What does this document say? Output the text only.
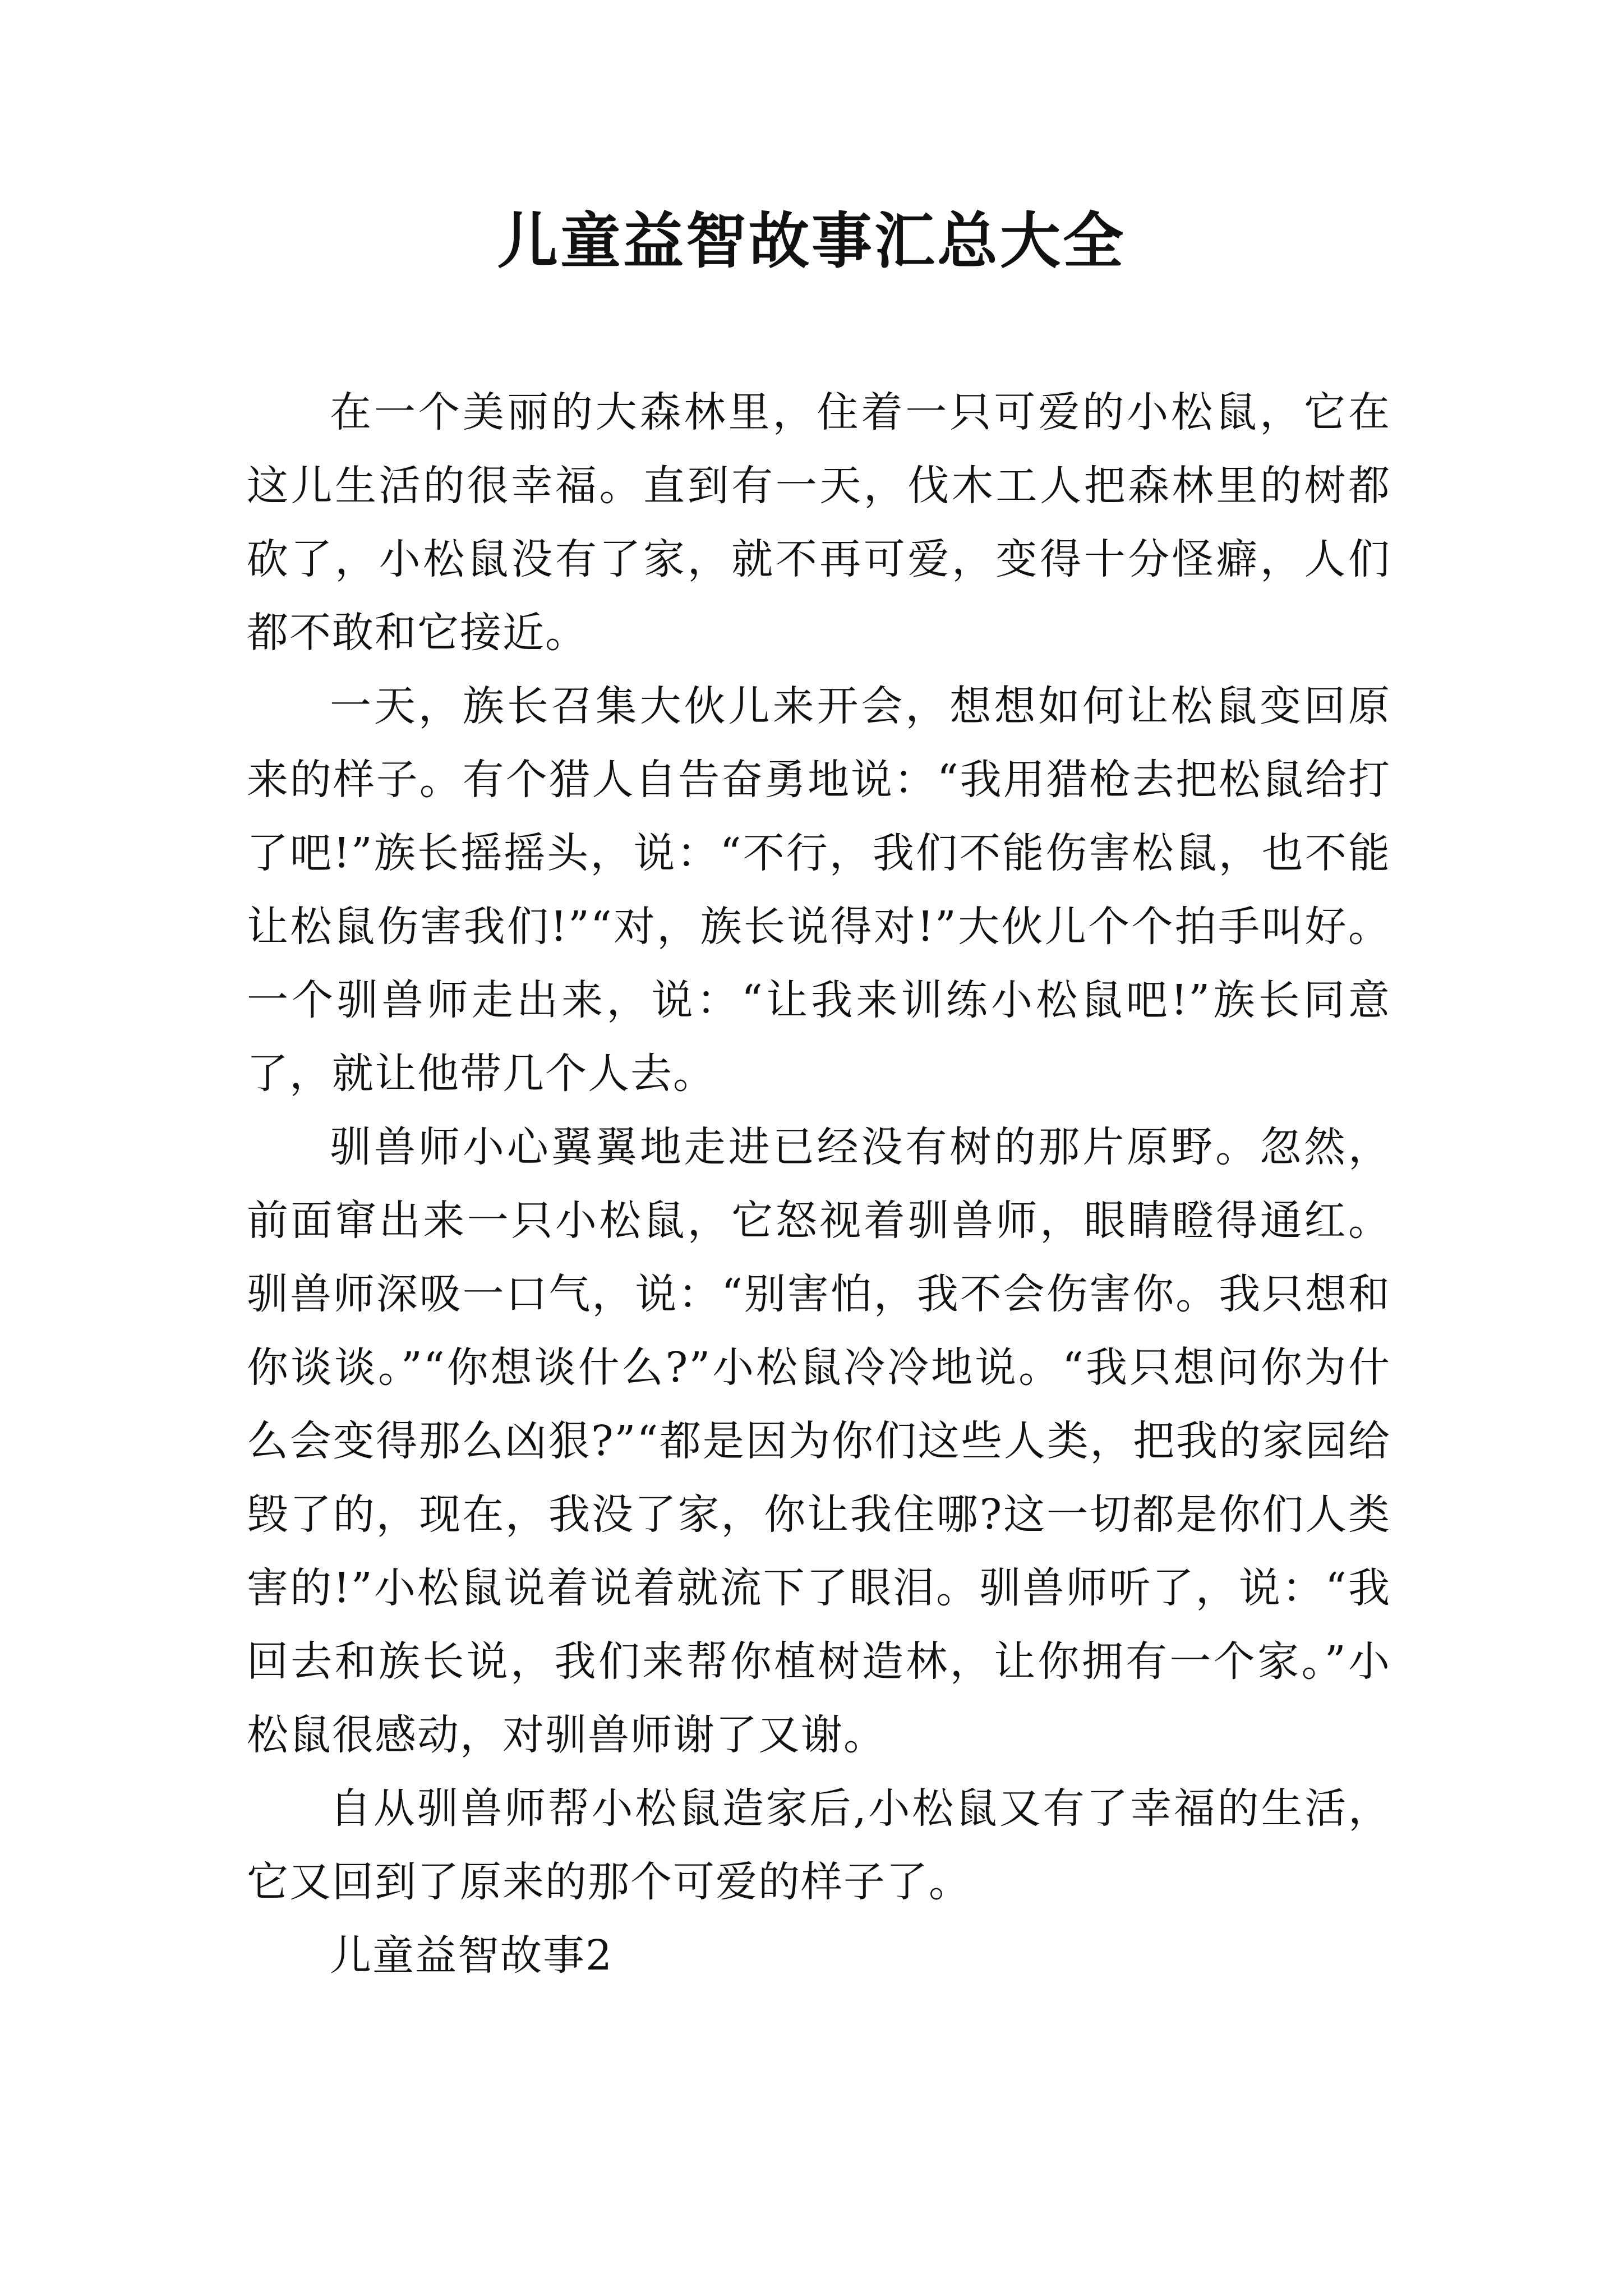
儿童益智故事汇总大全

在一个美丽的大森林里，住着一只可爱的小松鼠，它在这儿生活的很幸福。直到有一天，伐木工人把森林里的树都砍了，小松鼠没有了家，就不再可爱，变得十分怪癖，人们都不敢和它接近。

一天，族长召集大伙儿来开会，想想如何让松鼠变回原来的样子。有个猎人自告奋勇地说：“我用猎枪去把松鼠给打了吧!”族长摇摇头，说：“不行，我们不能伤害松鼠，也不能让松鼠伤害我们!”“对，族长说得对!”大伙儿个个拍手叫好。一个驯兽师走出来，说：“让我来训练小松鼠吧!”族长同意了，就让他带几个人去。

驯兽师小心翼翼地走进已经没有树的那片原野。忽然，前面窜出来一只小松鼠，它怒视着驯兽师，眼睛瞪得通红。驯兽师深吸一口气，说：“别害怕，我不会伤害你。我只想和你谈谈。”“你想谈什么?”小松鼠冷冷地说。“我只想问你为什么会变得那么凶狠?”“都是因为你们这些人类，把我的家园给毁了的，现在，我没了家，你让我住哪?这一切都是你们人类害的!”小松鼠说着说着就流下了眼泪。驯兽师听了，说：“我回去和族长说，我们来帮你植树造林，让你拥有一个家。”小松鼠很感动，对驯兽师谢了又谢。

自从驯兽师帮小松鼠造家后,小松鼠又有了幸福的生活，它又回到了原来的那个可爱的样子了。

儿童益智故事2
